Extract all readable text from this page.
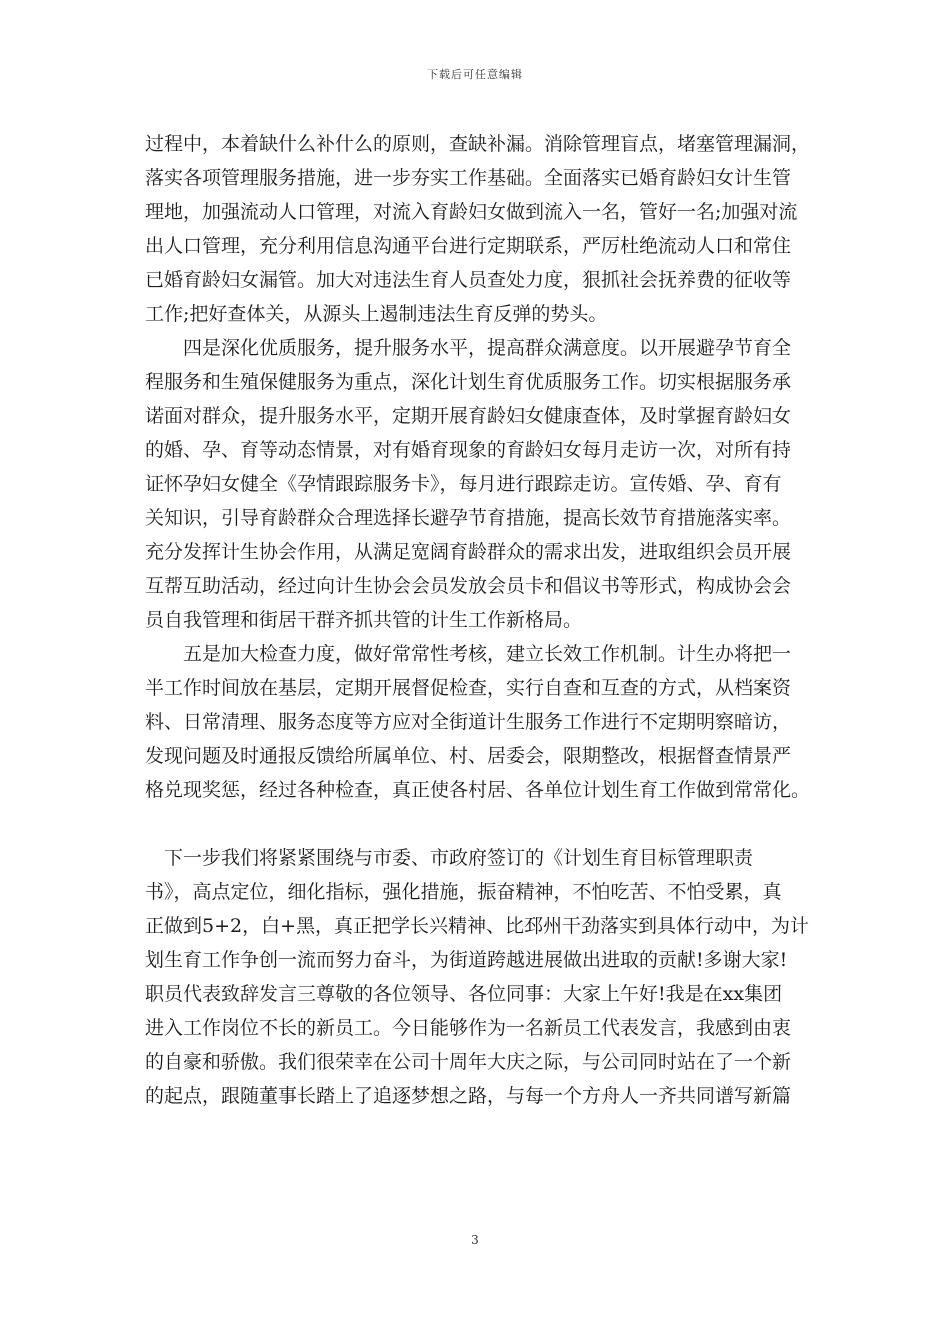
下载后可任意编辑
过程中，本着缺什么补什么的原则，查缺补漏。消除管理盲点，堵塞管理漏洞，
落实各项管理服务措施，进一步夯实工作基础。全面落实已婚育龄妇女计生管
理地，加强流动人口管理，对流入育龄妇女做到流入一名，管好一名;加强对流
出人口管理，充分利用信息沟通平台进行定期联系，严厉杜绝流动人口和常住
已婚育龄妇女漏管。加大对违法生育人员查处力度，狠抓社会抚养费的征收等
工作;把好查体关，从源头上遏制违法生育反弹的势头。
　　四是深化优质服务，提升服务水平，提高群众满意度。以开展避孕节育全
程服务和生殖保健服务为重点，深化计划生育优质服务工作。切实根据服务承
诺面对群众，提升服务水平，定期开展育龄妇女健康查体，及时掌握育龄妇女
的婚、孕、育等动态情景，对有婚育现象的育龄妇女每月走访一次，对所有持
证怀孕妇女健全《孕情跟踪服务卡》，每月进行跟踪走访。宣传婚、孕、育有
关知识，引导育龄群众合理选择长避孕节育措施，提高长效节育措施落实率。
充分发挥计生协会作用，从满足宽阔育龄群众的需求出发，进取组织会员开展
互帮互助活动，经过向计生协会会员发放会员卡和倡议书等形式，构成协会会
员自我管理和街居干群齐抓共管的计生工作新格局。
　　五是加大检查力度，做好常常性考核，建立长效工作机制。计生办将把一
半工作时间放在基层，定期开展督促检查，实行自查和互查的方式，从档案资
料、日常清理、服务态度等方应对全街道计生服务工作进行不定期明察暗访，
发现问题及时通报反馈给所属单位、村、居委会，限期整改，根据督查情景严
格兑现奖惩，经过各种检查，真正使各村居、各单位计划生育工作做到常常化。
　下一步我们将紧紧围绕与市委、市政府签订的《计划生育目标管理职责
书》，高点定位，细化指标，强化措施，振奋精神，不怕吃苦、不怕受累，真
正做到5+2，白+黑，真正把学长兴精神、比邳州干劲落实到具体行动中，为计
划生育工作争创一流而努力奋斗，为街道跨越进展做出进取的贡献!多谢大家!
职员代表致辞发言三尊敬的各位领导、各位同事：大家上午好!我是在xx集团
进入工作岗位不长的新员工。今日能够作为一名新员工代表发言，我感到由衷
的自豪和骄傲。我们很荣幸在公司十周年大庆之际，与公司同时站在了一个新
的起点，跟随董事长踏上了追逐梦想之路，与每一个方舟人一齐共同谱写新篇
3
